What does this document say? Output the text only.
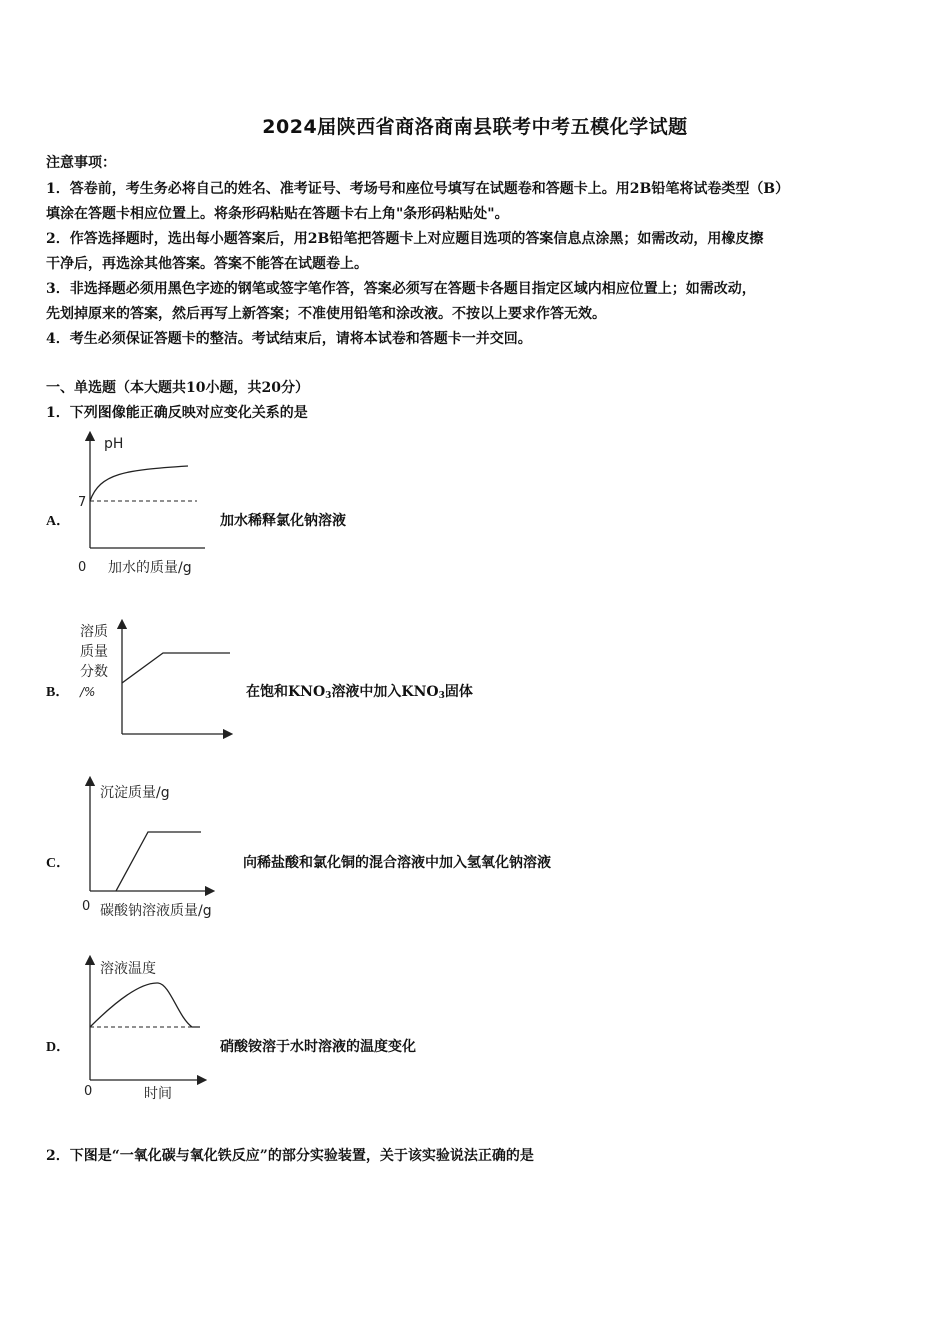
2024届陕西省商洛商南县联考中考五模化学试题
注意事项：
1．答卷前，考生务必将自己的姓名、准考证号、考场号和座位号填写在试题卷和答题卡上。用2B铅笔将试卷类型（B）
填涂在答题卡相应位置上。将条形码粘贴在答题卡右上角"条形码粘贴处"。
2．作答选择题时，选出每小题答案后，用2B铅笔把答题卡上对应题目选项的答案信息点涂黑；如需改动，用橡皮擦
干净后，再选涂其他答案。答案不能答在试题卷上。
3．非选择题必须用黑色字迹的钢笔或签字笔作答，答案必须写在答题卡各题目指定区域内相应位置上；如需改动，
先划掉原来的答案，然后再写上新答案；不准使用铅笔和涂改液。不按以上要求作答无效。
4．考生必须保证答题卡的整洁。考试结束后，请将本试卷和答题卡一并交回。
一、单选题（本大题共10小题，共20分）
1．下列图像能正确反映对应变化关系的是
pH
7
0 加水的质量/g
A．	加水稀释氯化钠溶液
溶质
质量
分数
/%
B．	在饱和$KNO_3$溶液中加入$KNO_3$固体
沉淀质量/g
0 碳酸钠溶液质量/g
C．	向稀盐酸和氯化铜的混合溶液中加入氢氧化钠溶液
溶液温度
0	时间
D．	硝酸铵溶于水时溶液的温度变化
2．下图是“一氧化碳与氧化铁反应”的部分实验装置，关于该实验说法正确的是
